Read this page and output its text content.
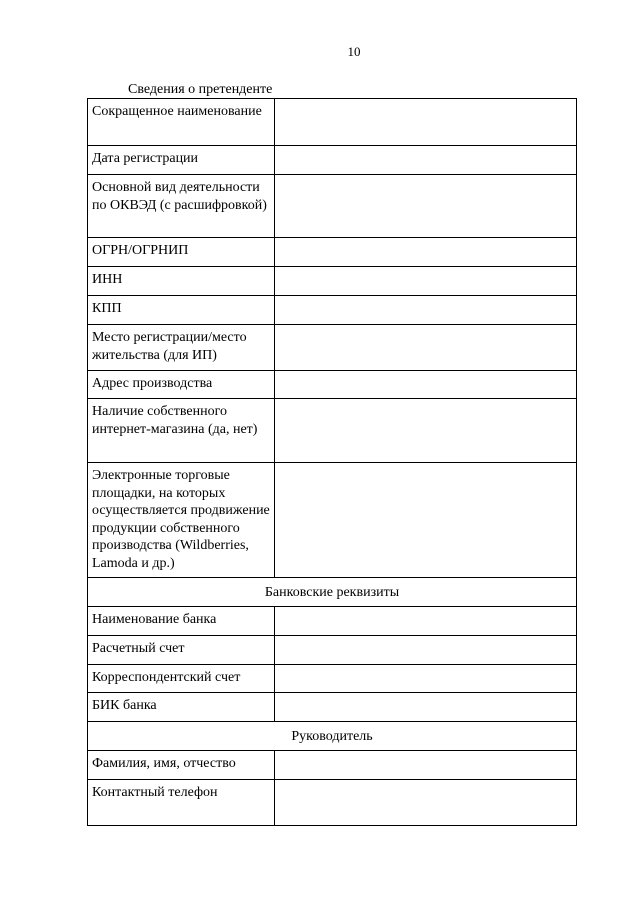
10
Сведения о претенденте
Сокращенное наименование	
Дата регистрации	
Основной вид деятельности по ОКВЭД (с расшифровкой)	
ОГРН/ОГРНИП	
ИНН	
КПП	
Место регистрации/место жительства (для ИП)	
Адрес производства	
Наличие собственного интернет-магазина (да, нет)	
Электронные торговые площадки, на которых осуществляется продвижение продукции собственного производства (Wildberries, Lamoda и др.)	
Банковские реквизиты	
Наименование банка	
Расчетный счет	
Корреспондентский счет	
БИК банка	
Руководитель	
Фамилия, имя, отчество	
Контактный телефон	
